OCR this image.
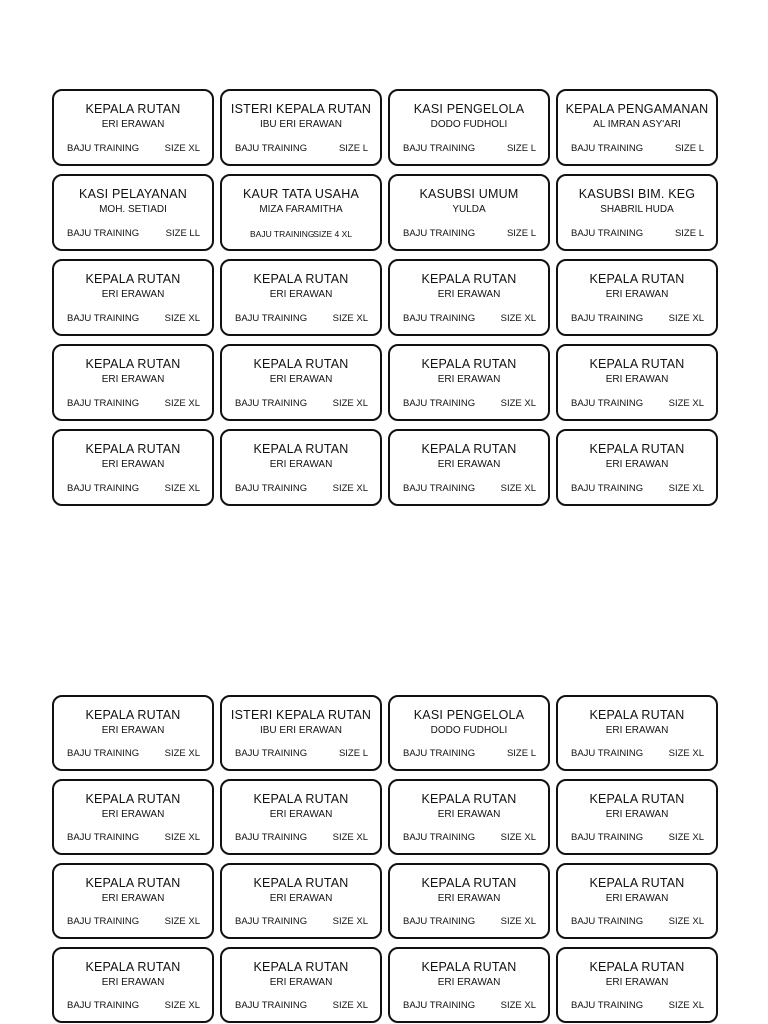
KEPALA RUTAN
ERI ERAWAN
BAJU TRAINING	SIZE XL
ISTERI KEPALA RUTAN
IBU ERI ERAWAN
BAJU TRAINING	SIZE L
KASI PENGELOLA
DODO FUDHOLI
BAJU TRAINING	SIZE L
KEPALA PENGAMANAN
AL IMRAN ASY'ARI
BAJU TRAINING	SIZE L
KASI PELAYANAN
MOH. SETIADI
BAJU TRAINING	SIZE LL
KAUR TATA USAHA
MIZA FARAMITHA
BAJU TRAINING
SIZE 4 XL
KASUBSI UMUM
YULDA
BAJU TRAINING	SIZE L
KASUBSI BIM. KEG
SHABRIL HUDA
BAJU TRAINING	SIZE L
KEPALA RUTAN
ERI ERAWAN
BAJU TRAINING	SIZE XL
KEPALA RUTAN
ERI ERAWAN
BAJU TRAINING	SIZE XL
KEPALA RUTAN
ERI ERAWAN
BAJU TRAINING	SIZE XL
KEPALA RUTAN
ERI ERAWAN
BAJU TRAINING	SIZE XL
KEPALA RUTAN
ERI ERAWAN
BAJU TRAINING	SIZE XL
KEPALA RUTAN
ERI ERAWAN
BAJU TRAINING	SIZE XL
KEPALA RUTAN
ERI ERAWAN
BAJU TRAINING	SIZE XL
KEPALA RUTAN
ERI ERAWAN
BAJU TRAINING	SIZE XL
KEPALA RUTAN
ERI ERAWAN
BAJU TRAINING	SIZE XL
KEPALA RUTAN
ERI ERAWAN
BAJU TRAINING	SIZE XL
KEPALA RUTAN
ERI ERAWAN
BAJU TRAINING	SIZE XL
KEPALA RUTAN
ERI ERAWAN
BAJU TRAINING	SIZE XL
KEPALA RUTAN
ERI ERAWAN
BAJU TRAINING	SIZE XL
ISTERI KEPALA RUTAN
IBU ERI ERAWAN
BAJU TRAINING	SIZE L
KASI PENGELOLA
DODO FUDHOLI
BAJU TRAINING	SIZE L
KEPALA RUTAN
ERI ERAWAN
BAJU TRAINING	SIZE XL
KEPALA RUTAN
ERI ERAWAN
BAJU TRAINING	SIZE XL
KEPALA RUTAN
ERI ERAWAN
BAJU TRAINING	SIZE XL
KEPALA RUTAN
ERI ERAWAN
BAJU TRAINING	SIZE XL
KEPALA RUTAN
ERI ERAWAN
BAJU TRAINING	SIZE XL
KEPALA RUTAN
ERI ERAWAN
BAJU TRAINING	SIZE XL
KEPALA RUTAN
ERI ERAWAN
BAJU TRAINING	SIZE XL
KEPALA RUTAN
ERI ERAWAN
BAJU TRAINING	SIZE XL
KEPALA RUTAN
ERI ERAWAN
BAJU TRAINING	SIZE XL
KEPALA RUTAN
ERI ERAWAN
BAJU TRAINING	SIZE XL
KEPALA RUTAN
ERI ERAWAN
BAJU TRAINING	SIZE XL
KEPALA RUTAN
ERI ERAWAN
BAJU TRAINING	SIZE XL
KEPALA RUTAN
ERI ERAWAN
BAJU TRAINING	SIZE XL
